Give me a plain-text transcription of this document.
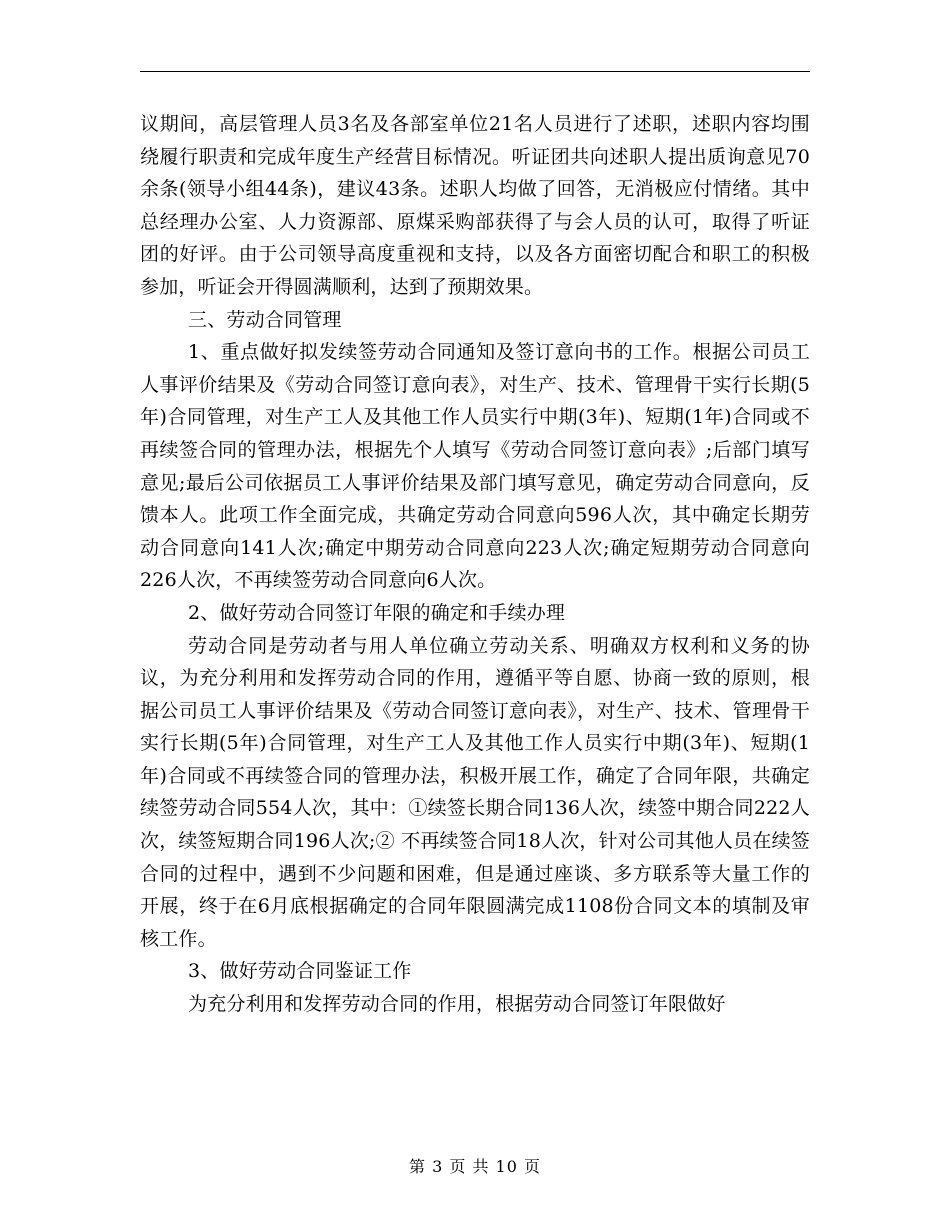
议期间，高层管理人员3名及各部室单位21名人员进行了述职，述职内容均围绕履行职责和完成年度生产经营目标情况。听证团共向述职人提出质询意见70余条(领导小组44条)，建议43条。述职人均做了回答，无消极应付情绪。其中总经理办公室、人力资源部、原煤采购部获得了与会人员的认可，取得了听证团的好评。由于公司领导高度重视和支持，以及各方面密切配合和职工的积极参加，听证会开得圆满顺利，达到了预期效果。

三、劳动合同管理

1、重点做好拟发续签劳动合同通知及签订意向书的工作。根据公司员工人事评价结果及《劳动合同签订意向表》，对生产、技术、管理骨干实行长期(5年)合同管理，对生产工人及其他工作人员实行中期(3年)、短期(1年)合同或不再续签合同的管理办法，根据先个人填写《劳动合同签订意向表》;后部门填写意见;最后公司依据员工人事评价结果及部门填写意见，确定劳动合同意向，反馈本人。此项工作全面完成，共确定劳动合同意向596人次，其中确定长期劳动合同意向141人次;确定中期劳动合同意向223人次;确定短期劳动合同意向226人次，不再续签劳动合同意向6人次。

2、做好劳动合同签订年限的确定和手续办理

劳动合同是劳动者与用人单位确立劳动关系、明确双方权利和义务的协议，为充分利用和发挥劳动合同的作用，遵循平等自愿、协商一致的原则，根据公司员工人事评价结果及《劳动合同签订意向表》，对生产、技术、管理骨干实行长期(5年)合同管理，对生产工人及其他工作人员实行中期(3年)、短期(1年)合同或不再续签合同的管理办法，积极开展工作，确定了合同年限，共确定续签劳动合同554人次，其中：①续签长期合同136人次，续签中期合同222人次，续签短期合同196人次;② 不再续签合同18人次，针对公司其他人员在续签合同的过程中，遇到不少问题和困难，但是通过座谈、多方联系等大量工作的开展，终于在6月底根据确定的合同年限圆满完成1108份合同文本的填制及审核工作。

3、做好劳动合同鉴证工作

为充分利用和发挥劳动合同的作用，根据劳动合同签订年限做好

第 3 页 共 10 页
